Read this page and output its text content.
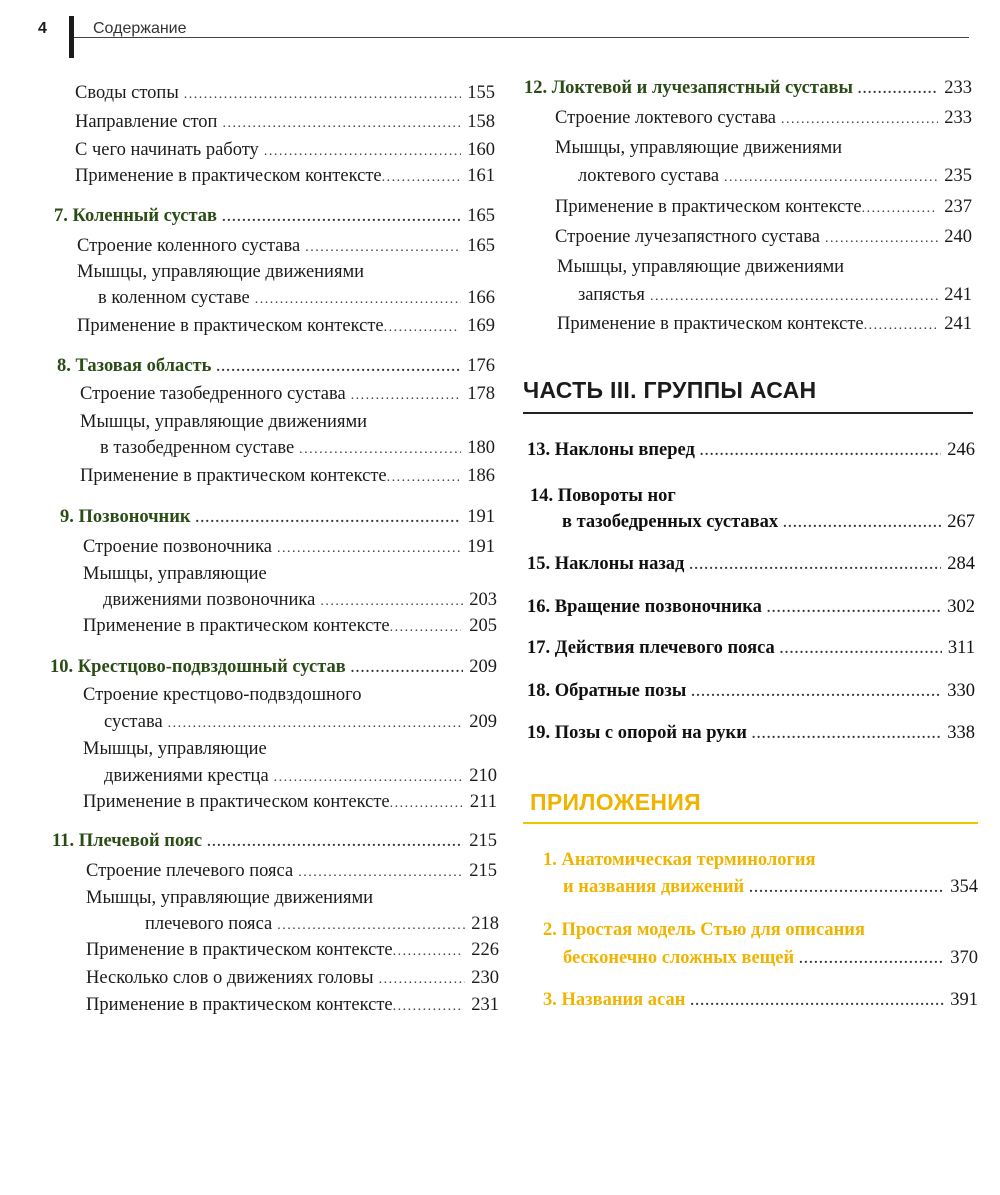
4	Содержание
Своды стопы . . .	155
Направление стоп . . .	158
С чего начинать работу . . .	160
Применение в практическом контексте . . .	161
7. Коленный сустав . . .	165
Строение коленного сустава . . .	165
Мышцы, управляющие движениями
в коленном суставе . . .	166
Применение в практическом контексте . . .	169
8. Тазовая область . . .	176
Строение тазобедренного сустава . . .	178
Мышцы, управляющие движениями
в тазобедренном суставе . . .	180
Применение в практическом контексте . . .	186
9. Позвоночник . . .	191
Строение позвоночника . . .	191
Мышцы, управляющие
движениями позвоночника . . .	203
Применение в практическом контексте . . .	205
10. Крестцово-подвздошный сустав . . .	209
Строение крестцово-подвздошного
сустава . . .	209
Мышцы, управляющие
движениями крестца . . .	210
Применение в практическом контексте . . .	211
11. Плечевой пояс . . .	215
Строение плечевого пояса . . .	215
Мышцы, управляющие движениями
плечевого пояса . . .	218
Применение в практическом контексте . . .	226
Несколько слов о движениях головы . . .	230
Применение в практическом контексте . . .	231
12. Локтевой и лучезапястный суставы . . .	233
Строение локтевого сустава . . .	233
Мышцы, управляющие движениями
локтевого сустава . . .	235
Применение в практическом контексте . . .	237
Строение лучезапястного сустава . . .	240
Мышцы, управляющие движениями
запястья . . .	241
Применение в практическом контексте . . .	241
ЧАСТЬ III. ГРУППЫ АСАН
13. Наклоны вперед . . .	246
14. Повороты ног
в тазобедренных суставах . . .	267
15. Наклоны назад . . .	284
16. Вращение позвоночника . . .	302
17. Действия плечевого пояса . . .	311
18. Обратные позы . . .	330
19. Позы с опорой на руки . . .	338
ПРИЛОЖЕНИЯ
1. Анатомическая терминология
и названия движений . . .	354
2. Простая модель Стью для описания
бесконечно сложных вещей . . .	370
3. Названия асан . . .	391
